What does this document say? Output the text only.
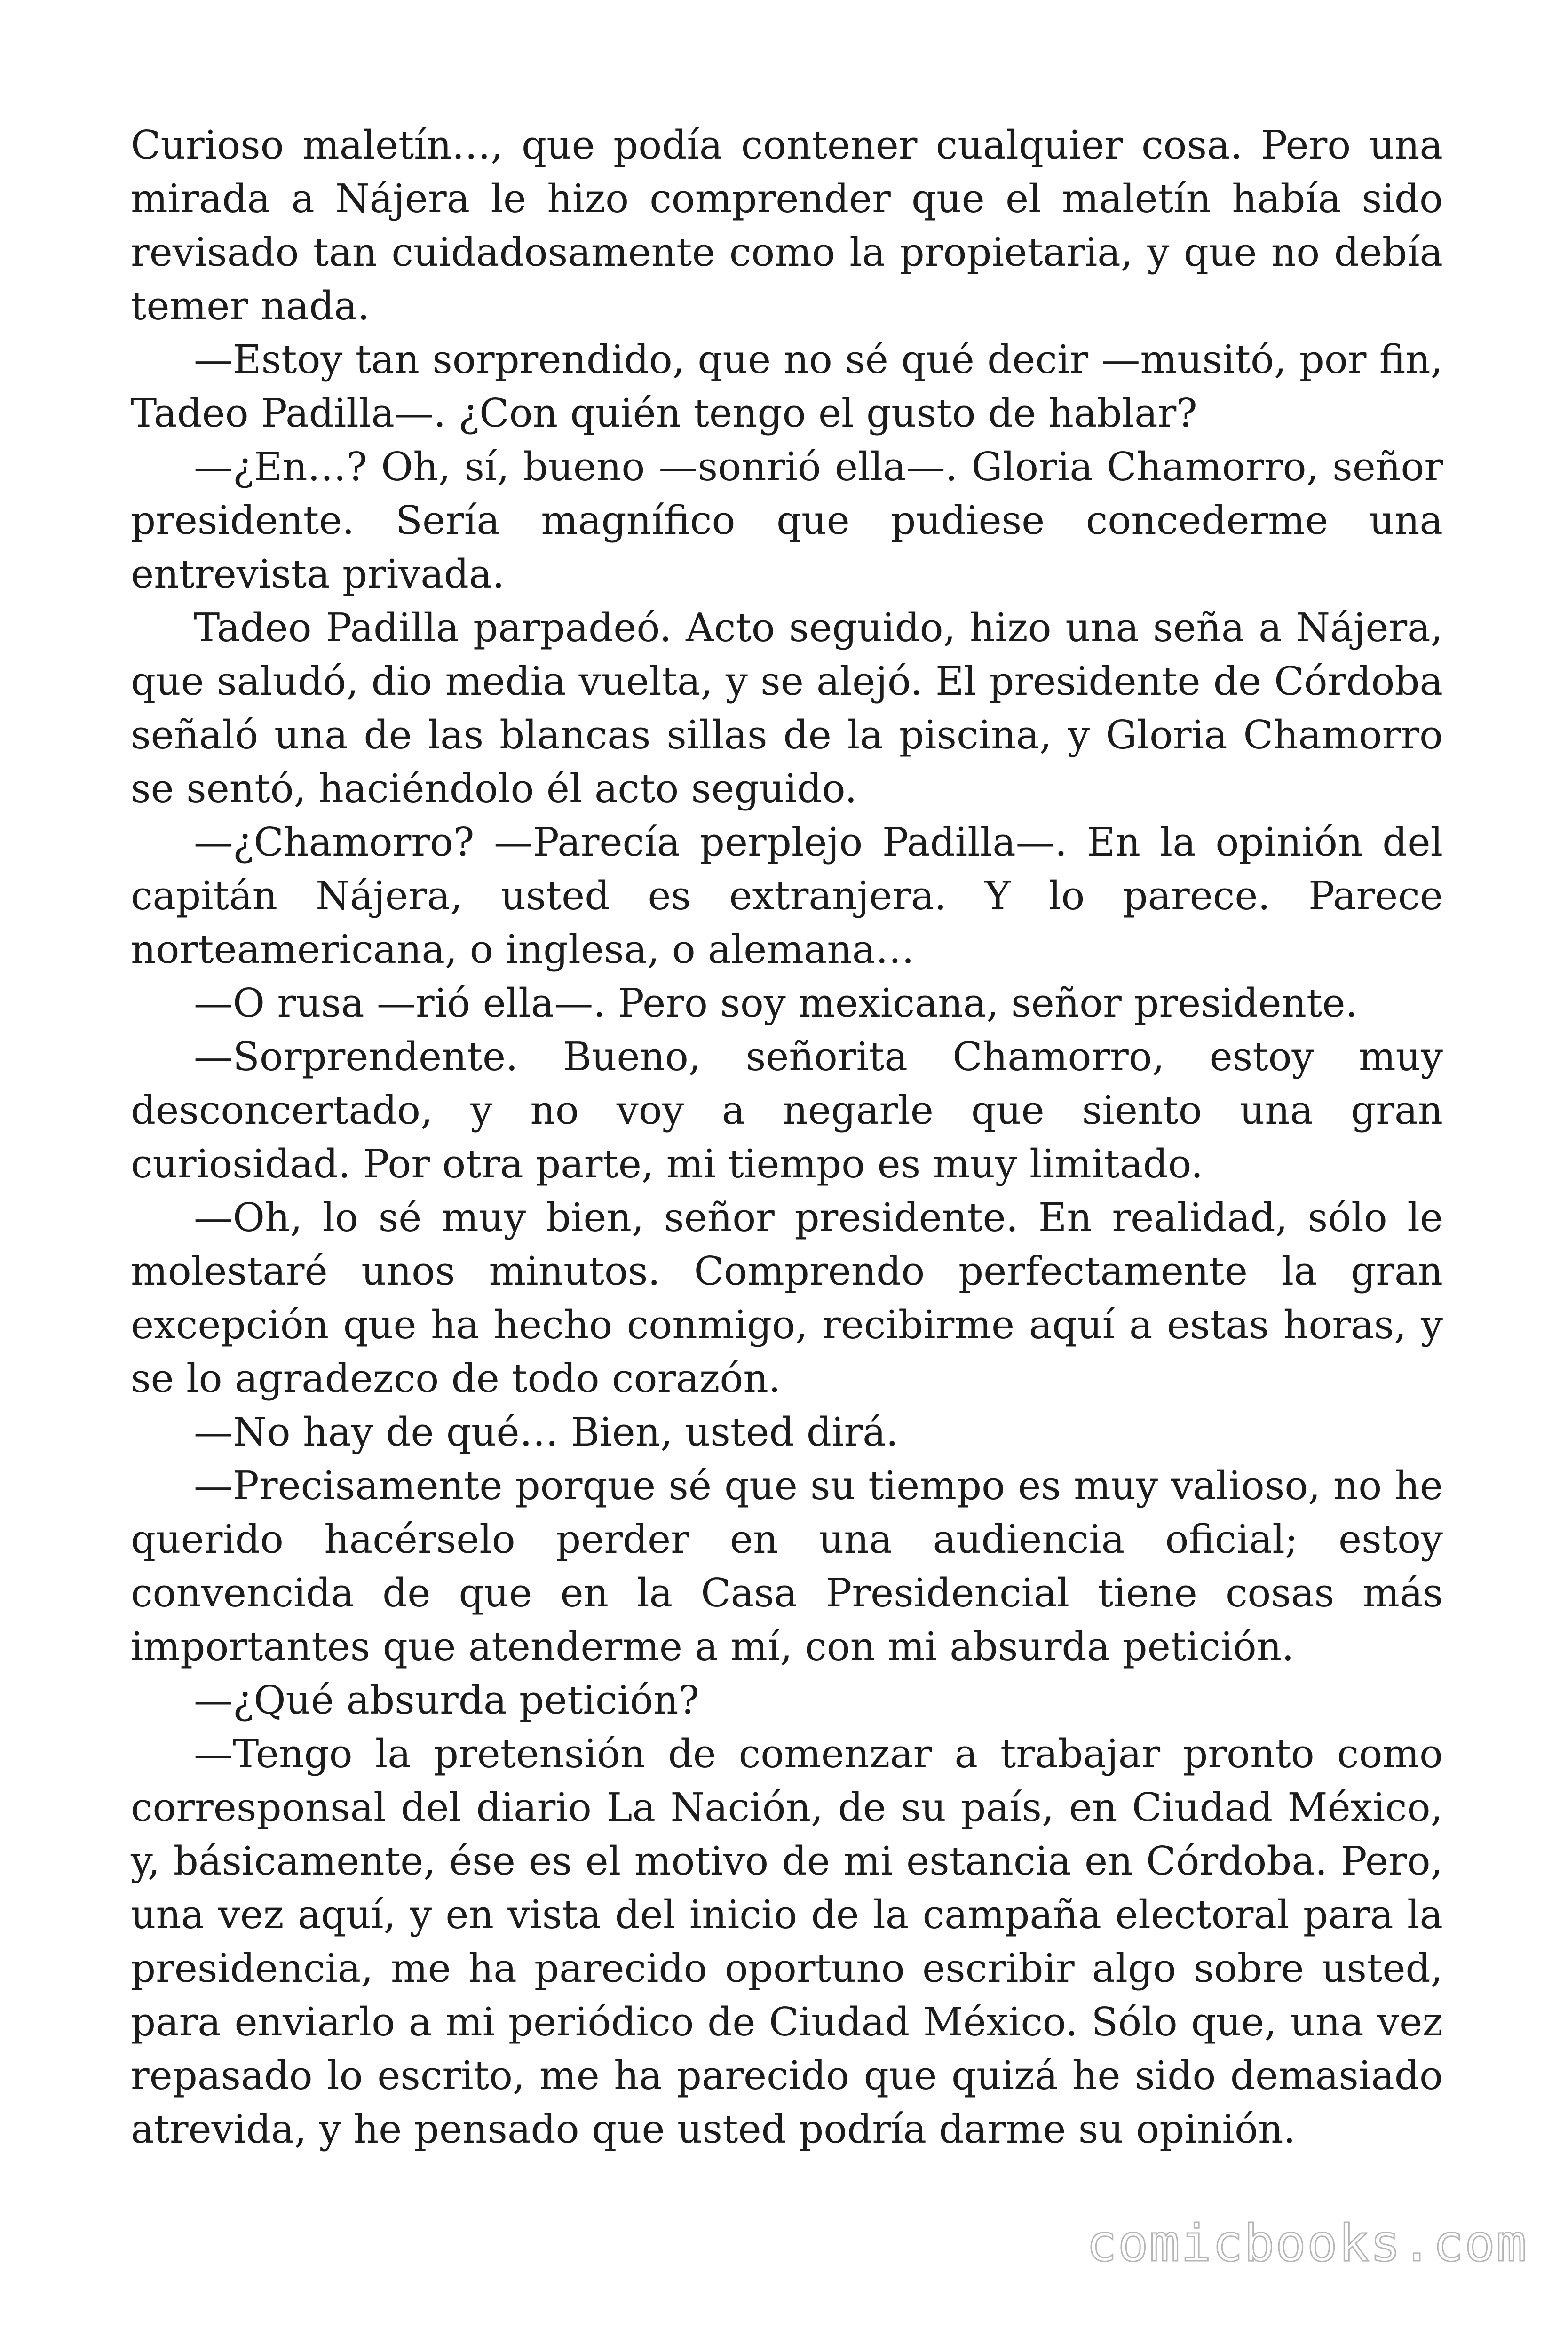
Curioso maletín…, que podía contener cualquier cosa. Pero una mirada a Nájera le hizo comprender que el maletín había sido revisado tan cuidadosamente como la propietaria, y que no debía temer nada.

—Estoy tan sorprendido, que no sé qué decir —musitó, por fin, Tadeo Padilla—. ¿Con quién tengo el gusto de hablar?

—¿En…? Oh, sí, bueno —sonrió ella—. Gloria Chamorro, señor presidente. Sería magnífico que pudiese concederme una entrevista privada.

Tadeo Padilla parpadeó. Acto seguido, hizo una seña a Nájera, que saludó, dio media vuelta, y se alejó. El presidente de Córdoba señaló una de las blancas sillas de la piscina, y Gloria Chamorro se sentó, haciéndolo él acto seguido.

—¿Chamorro? —Parecía perplejo Padilla—. En la opinión del capitán Nájera, usted es extranjera. Y lo parece. Parece norteamericana, o inglesa, o alemana…

—O rusa —rió ella—. Pero soy mexicana, señor presidente.

—Sorprendente. Bueno, señorita Chamorro, estoy muy desconcertado, y no voy a negarle que siento una gran curiosidad. Por otra parte, mi tiempo es muy limitado.

—Oh, lo sé muy bien, señor presidente. En realidad, sólo le molestaré unos minutos. Comprendo perfectamente la gran excepción que ha hecho conmigo, recibirme aquí a estas horas, y se lo agradezco de todo corazón.

—No hay de qué… Bien, usted dirá.

—Precisamente porque sé que su tiempo es muy valioso, no he querido hacérselo perder en una audiencia oficial; estoy convencida de que en la Casa Presidencial tiene cosas más importantes que atenderme a mí, con mi absurda petición.

—¿Qué absurda petición?

—Tengo la pretensión de comenzar a trabajar pronto como corresponsal del diario La Nación, de su país, en Ciudad México, y, básicamente, ése es el motivo de mi estancia en Córdoba. Pero, una vez aquí, y en vista del inicio de la campaña electoral para la presidencia, me ha parecido oportuno escribir algo sobre usted, para enviarlo a mi periódico de Ciudad México. Sólo que, una vez repasado lo escrito, me ha parecido que quizá he sido demasiado atrevida, y he pensado que usted podría darme su opinión.

comicbooks.com
